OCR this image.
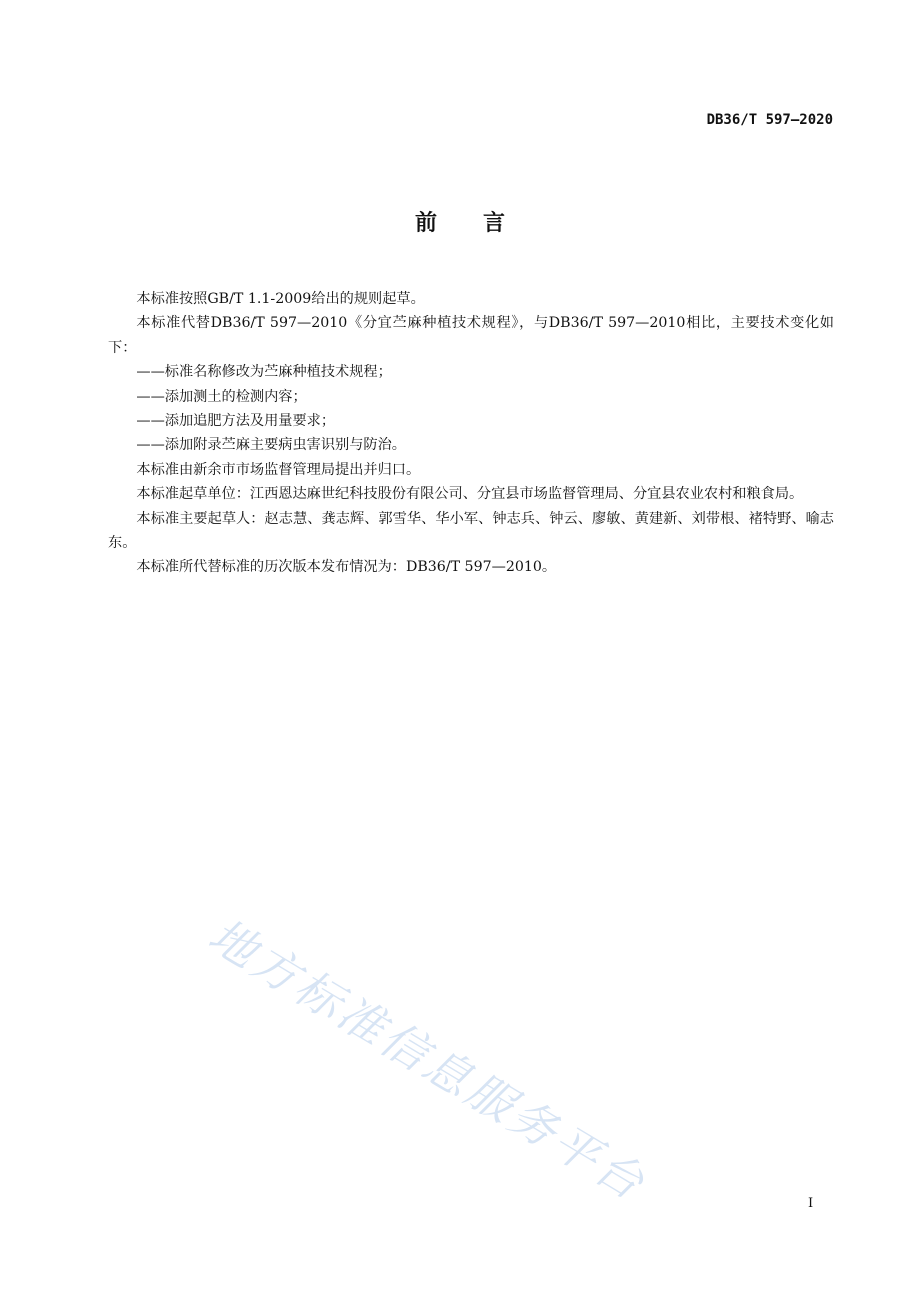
DB36/T 597—2020
前 言

本标准按照GB/T 1.1-2009给出的规则起草。

本标准代替DB36/T 597—2010《分宜苎麻种植技术规程》，与DB36/T 597—2010相比，主要技术变化如下：

——标准名称修改为苎麻种植技术规程；

——添加测土的检测内容；

——添加追肥方法及用量要求；

——添加附录苎麻主要病虫害识别与防治。

本标准由新余市市场监督管理局提出并归口。

本标准起草单位：江西恩达麻世纪科技股份有限公司、分宜县市场监督管理局、分宜县农业农村和粮食局。

本标准主要起草人：赵志慧、龚志辉、郭雪华、华小军、钟志兵、钟云、廖敏、黄建新、刘带根、褚特野、喻志东。

本标准所代替标准的历次版本发布情况为：DB36/T 597—2010。

地方标准信息服务平台	I
